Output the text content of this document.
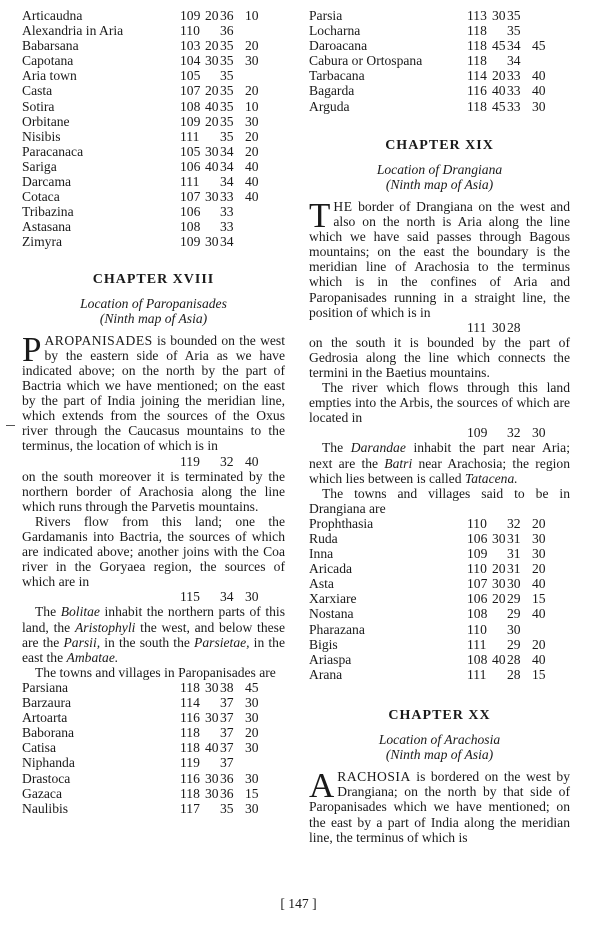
Articaudna	109 20 36 10
Alexandria in Aria	110	36
Babarsana	103 20 35 20
Capotana	104 30 35 30
Aria town	105	35
Casta	107 20 35 20
Sotira	108 40 35 10
Orbitane	109 20 35 30
Nisibis	111	35 20
Paracanaca	105 30 34 20
Sariga	106 40 34 40
Darcama	111	34 40
Cotaca	107 30 33 40
Tribazina	106	33
Astasana	108	33
Zimyra	109 30 34
CHAPTER XVIII

Location of Paropanisades

(Ninth map of Asia)

PAROPANISADES is bounded on the west by the eastern side of Aria as we have indicated above; on the north by the part of Bactria which we have mentioned; on the east by the part of India joining the meridian line, which extends from the sources of the Oxus river through the Caucasus mountains to the terminus, the location of which is in

119	32 40

on the south moreover it is terminated by the northern border of Arachosia along the line which runs through the Parvetis mountains.

Rivers flow from this land; one the Gardamanis into Bactria, the sources of which are indicated above; another joins with the Coa river in the Goryaea region, the sources of which are in

115	34 30

The Bolitae inhabit the northern parts of this land, the Aristophyli the west, and below these are the Parsii, in the south the Parsietae, in the east the Ambatae.

The towns and villages in Paropanisades are

Parsiana	118 30 38 45
Barzaura	114	37 30
Artoarta	116 30 37 30
Baborana	118	37 20
Catisa	118 40 37 30
Niphanda	119	37
Drastoca	116 30 36 30
Gazaca	118 30 36 15
Naulibis	117	35 30
Parsia	113 30 35
Locharna	118	35
Daroacana	118 45 34 45
Cabura or Ortospana	118	34
Tarbacana	114 20 33 40
Bagarda	116 40 33 40
Arguda	118 45 33 30
CHAPTER XIX

Location of Drangiana

(Ninth map of Asia)

THE border of Drangiana on the west and also on the north is Aria along the line which we have said passes through Bagous mountains; on the east the boundary is the meridian line of Arachosia to the terminus which is in the confines of Aria and Paropanisades running in a straight line, the position of which is in

111 30 28

on the south it is bounded by the part of Gedrosia along the line which connects the termini in the Baetius mountains.

The river which flows through this land empties into the Arbis, the sources of which are located in

109	32 30

The Darandae inhabit the part near Aria; next are the Batri near Arachosia; the region which lies between is called Tatacena.

The towns and villages said to be in Drangiana are

Prophthasia	110	32 20
Ruda	106 30 31 30
Inna	109	31 30
Aricada	110 20 31 20
Asta	107 30 30 40
Xarxiare	106 20 29 15
Nostana	108	29 40
Pharazana	110	30
Bigis	111	29 20
Ariaspa	108 40 28 40
Arana	111	28 15
CHAPTER XX

Location of Arachosia

(Ninth map of Asia)

ARACHOSIA is bordered on the west by Drangiana; on the north by that side of Paropanisades which we have mentioned; on the east by a part of India along the meridian line, the terminus of which is

[ 147 ]
